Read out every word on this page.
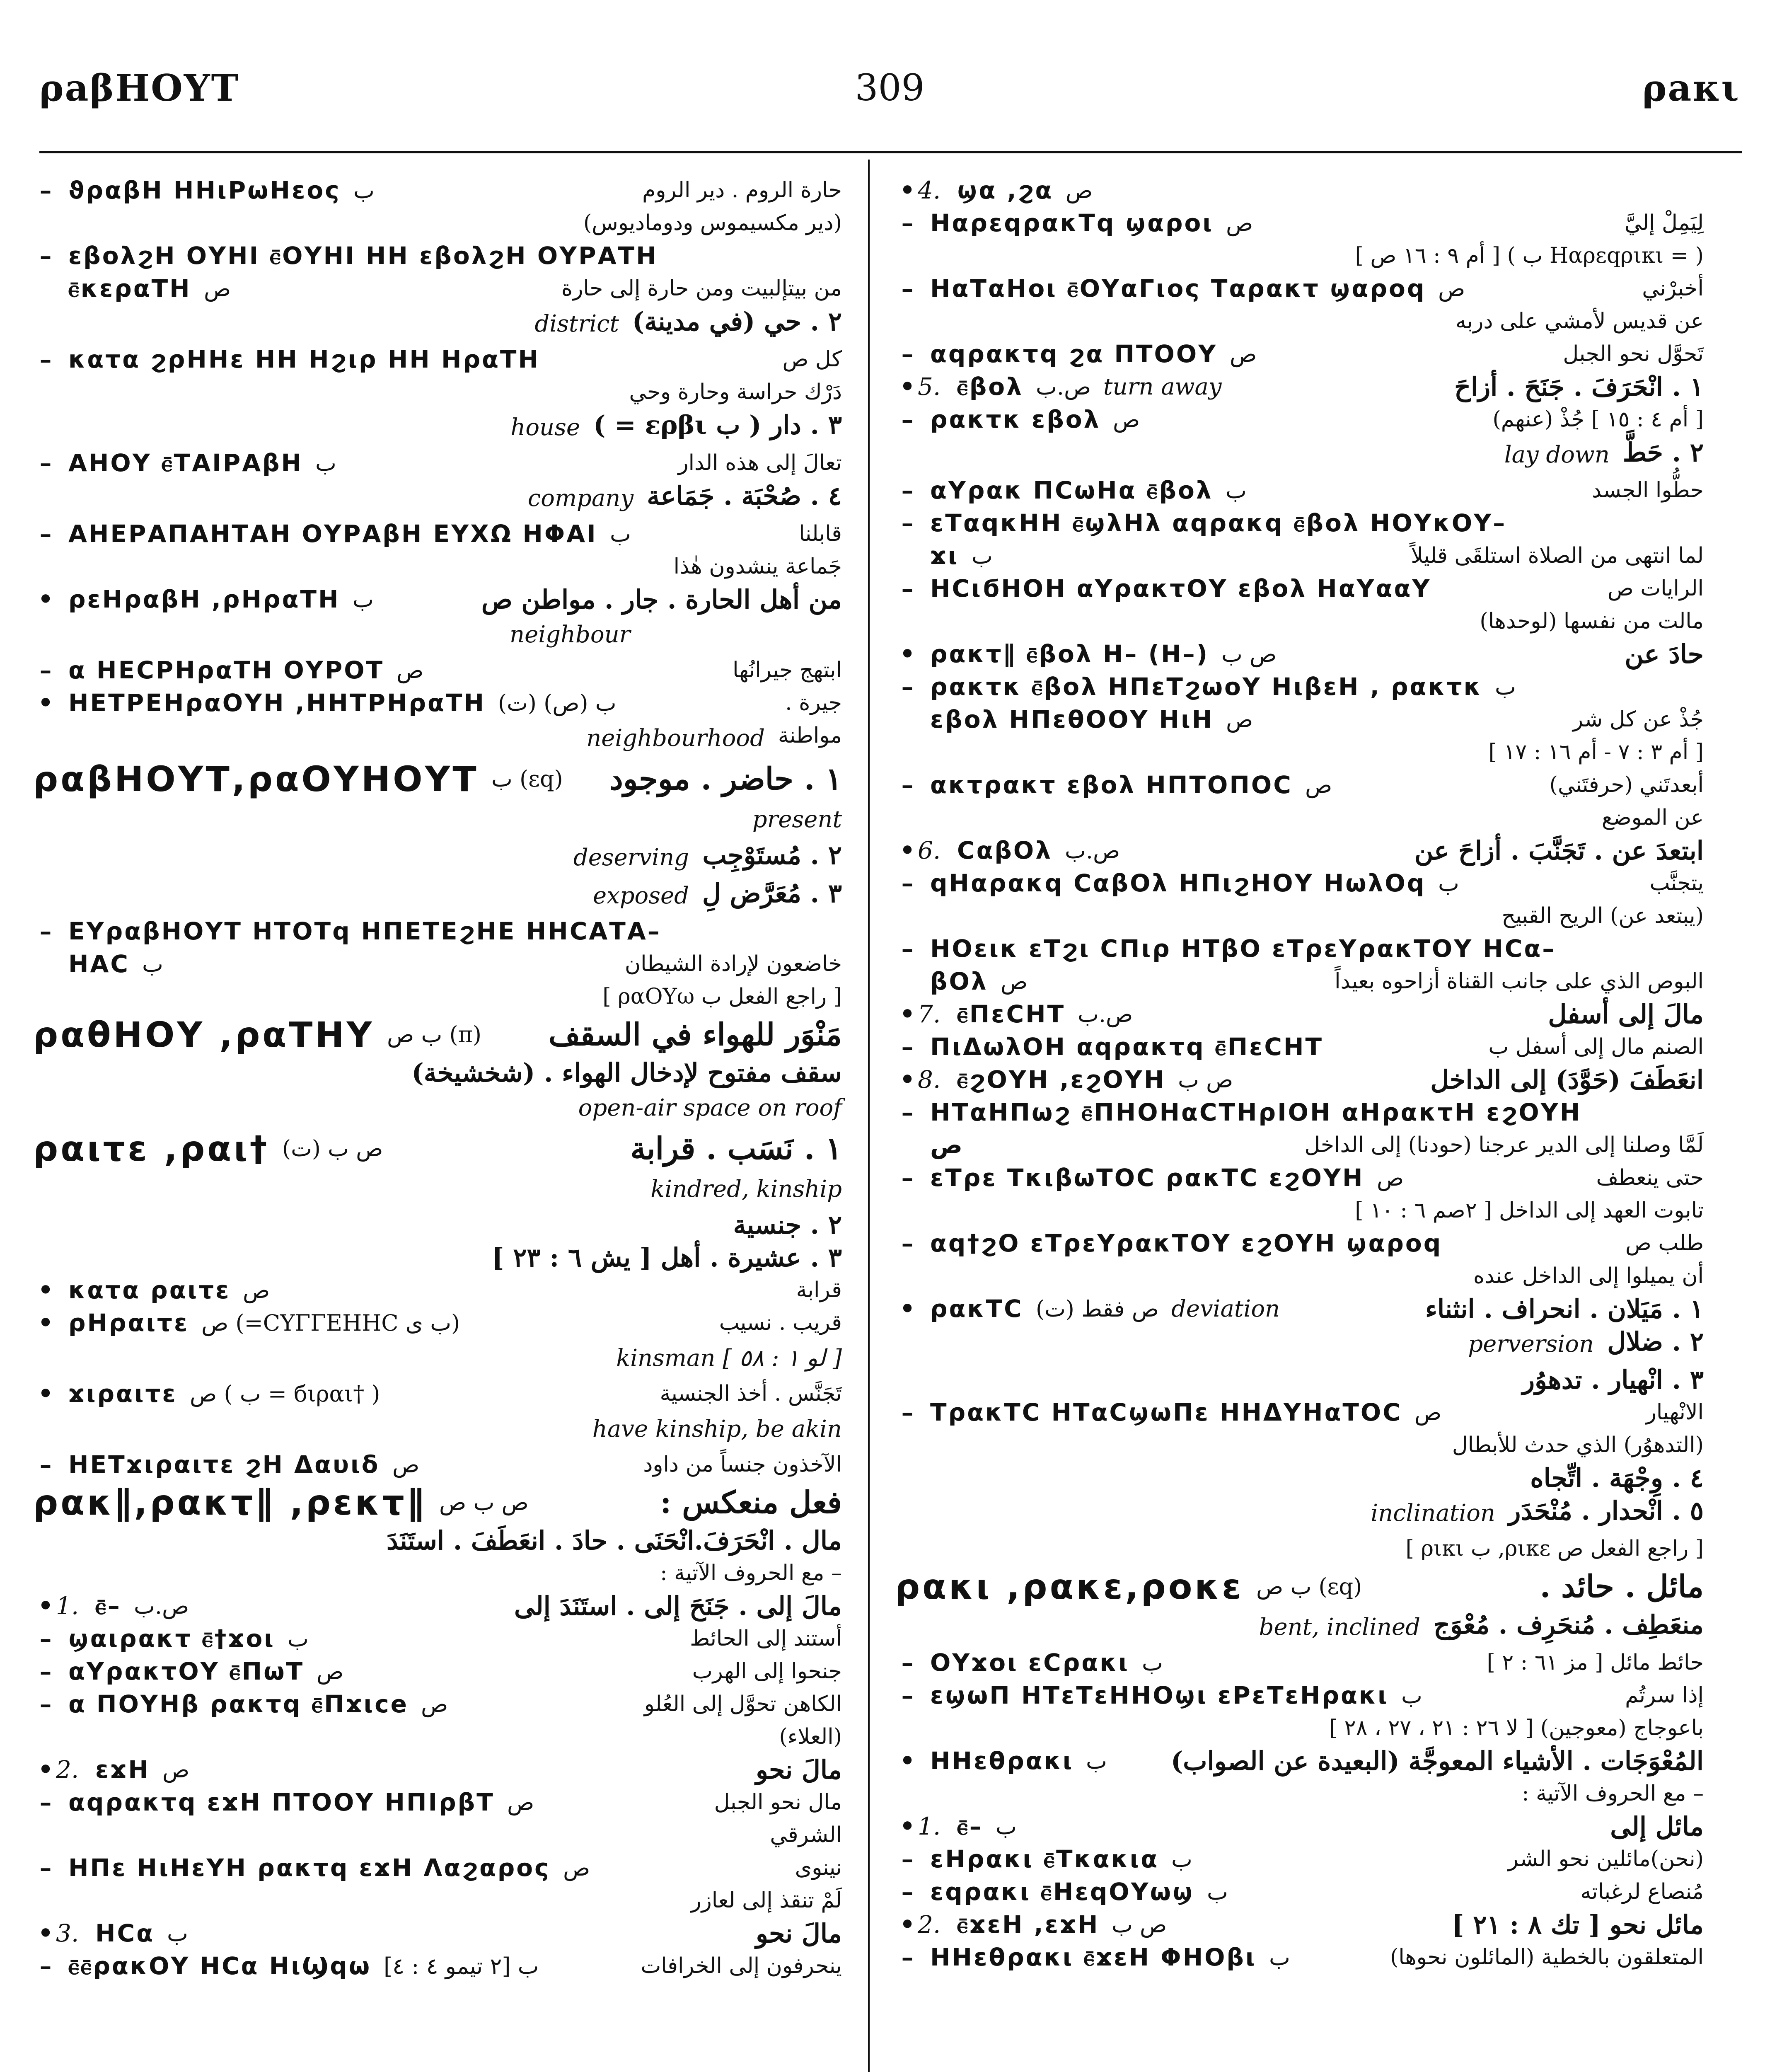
ρaβHOΥT	309	ρaκι
– ϑραβΗ ΗΗιΡωΗεος ب	حارة الروم . دير الروم
(دير مكسيموس ودوماديوس)
– εβολϩΗ ΟΥΗΙ ⲉ̄ΟΥΗΙ ΗΗ εβολϩΗ ΟΥΡΑΤΗ
ⲉ̄κεραΤΗ ص	من بيتإلبيت ومن حارة إلى حارة
٢ . حي (في مدينة)
district
– κατα ϩρΗΗε ΗΗ Ηϩιρ ΗΗ ΗραΤΗ	كل ص
دَرْك حراسة وحارة وحي
٣ . دار ( ب ερβι = )
house
– ΑΗΟΥ ⲉ̄ΤΑΙΡΑβΗ ب	تعالَ إلى هذه الدار
٤ . صُحْبَة . جَمَاعة
company
– ΑΗΕΡΑΠΑΗΤΑΗ ΟΥΡΑβΗ ΕΥΧΩ ΗΦΑΙ ب	قابلنا
جَماعة ينشدون هٰذا
• ρεΗραβΗ ,ρΗραΤΗ ب	من أهل الحارة . جار . مواطن ص
neighbour
– α ΗΕCΡΗραΤΗ ΟΥΡΟΤ ص	ابتهج جيرانُها
• ΗΕΤΡΕΗραΟΥΗ ,ΗΗΤΡΗραΤΗ ب (ص) (ت)	جيرة .
مواطنة
neighbourhood
ραβΗΟΥΤ,ραΟΥΗΟΥΤ ب (εq) ١ . حاضر . موجود
present
٢ . مُستَوْجِب
deserving
٣ . مُعَرَّض لِ
exposed
– ΕΥραβΗΟΥΤ ΗΤΟΤq ΗΠΕΤΕϩΗΕ ΗΗCΑΤΑ–
ΗΑC ب	خاضعون لإرادة الشيطان
[ راجع الفعل ب ραΟΥω ]
ραθΗΟΥ ,ραΤΗΥ ب ص (π) مَنْوَر للهواء في السقف
سقف مفتوح لإدخال الهواء . (شخشيخة)
open-air space on roof
ραιτε ,ραι† ص ب (ت)	١ . نَسَب . قرابة
kindred, kinship
٢ . جنسية
٣ . عشيرة . أهل [ يش ٦ : ٢٣ ]
• κατα ραιτε ص	قرابة
• ρΗραιτε ص (=CΥΓΓΕΗΗC ب ى)	قريب . نسيب
kinsman [ لو ١ : ٥٨ ]
• ϫιραιτε ص ( ب = бιραι† )	تَجَنَّس . أخذ الجنسية
have kinship, be akin
– ΗΕΤϫιραιτε ϩΗ Δαυιδ ص	الآخذون جنساً من داود
ρακ∥,ρακτ∥ ,ρεκτ∥ ص ب ص	فعل منعكس :
مال . انْحَرَفَ.انْحَنَى . حادَ . انعَطَفَ . استَنَدَ
– مع الحروف الآتية :
• 1. ⲉ̄– ص.ب	مالَ إلى . جَنَحَ إلى . استَنَدَ إلى
– ϣαιρακτ ⲉ̄†ϫοι ب	أستند إلى الحائط
– αΥρακτΟΥ ⲉ̄ΠωΤ ص	جنحوا إلى الهرب
– α ΠΟΥΗβ ρακτq ⲉ̄Πϫιce ص	الكاهن تحوَّل إلى العُلو
(العلاء)
• 2. εϫΗ ص	مالَ نحو
– αqρακτq εϫΗ ΠΤΟΟΥ ΗΠΙρβΤ ص	مال نحو الجبل
الشرقي
– ΗΠε ΗιΗεΥΗ ρακτq εϫΗ Λαϩαρος ص	نينوى
لَمْ تنقذ إلى لعازر
• 3. ΗCα ب	مالَ نحو
– ⲉ̄ⲉ̄ρακΟΥ ΗCα ΗιϢqω ب [٢ تيمو ٤ : ٤]	ينحرفون إلى الخرافات
• 4. ϣα ,ϩα ص
– ΗαρεqρακΤq ϣαροι ص	لِيَمِلْ إليَّ
( = Ηαρεqρικι ب ) [ أم ٩ : ١٦ ص ]
– ΗαΤαΗοι ⲉ̄ΟΥαΓιος Ταρακτ ϣαροq ص	أخبرْني
عن قديس لأمشي على دربه
– αqρακτq ϩα ΠΤΟΟΥ ص	تَحوَّل نحو الجبل
• 5. ⲉ̄βολ ص.ب turn away	١ . انْحَرَفَ . جَنَحَ . أزاحَ
– ρακτκ εβολ ص	[ أم ٤ : ١٥ ] جُذْ (عنهم)
٢ . حَطَّ
lay down
– αΥρακ ΠCωΗα ⲉ̄βολ ب	حطُّوا الجسد
– εΤαqκΗΗ ⲉ̄ϣλΗλ αqρακq ⲉ̄βολ ΗΟΥκΟΥ–
ϫι ب	لما انتهى من الصلاة استلقَى قليلاً
– ΗCιϭΗΟΗ αΥρακτΟΥ εβολ ΗαΥααΥ	الرايات ص
مالت من نفسها (لوحدها)
• ρακτ∥ ⲉ̄βολ Η– (Η–) ص ب	حادَ عن
– ρακτκ ⲉ̄βολ ΗΠεΤϩωοΥ ΗιβεΗ , ρακτκ ب
εβολ ΗΠεθΟΟΥ ΗιΗ ص	جُذْ عن كل شر
[ أم ٣ : ٧ - أم ١٦ : ١٧ ]
– ακτρακτ εβολ ΗΠΤΟΠΟC ص	أبعدتَني (حرفتَني)
عن الموضع
• 6. CαβΟλ ص.ب	ابتعدَ عن . تَجَنَّبَ . أزاحَ عن
– qΗαρακq CαβΟλ ΗΠιϩΗΟΥ ΗωλΟq ب	يتجنَّب
(يبتعد عن) الريح القبيح
– ΗΟεικ εΤϩι CΠιρ ΗΤβΟ εΤρεΥρακΤΟΥ ΗCα–
βΟλ ص	البوص الذي على جانب القناة أزاحوه بعيداً
• 7. ⲉ̄ΠεCΗΤ ص.ب	مالَ إلى أسفل
– ΠιΔωλΟΗ αqρακτq ⲉ̄ΠεCΗΤ	الصنم مال إلى أسفل ب
• 8. ⲉ̄ϩΟΥΗ ,εϩΟΥΗ ص ب	انعَطَفَ (حَوَّدَ) إلى الداخل
– ΗΤαΗΠωϩ ⲉ̄ΠΗΟΗαCΤΗρΙΟΗ αΗρακτΗ εϩΟΥΗ
ص	لَمَّا وصلنا إلى الدير عرجنا (حودنا) إلى الداخل
– εΤρε ΤκιβωΤΟC ρακΤC εϩΟΥΗ ص	حتى ينعطف
تابوت العهد إلى الداخل [ ٢صم ٦ : ١٠ ]
– αq†ϩΟ εΤρεΥρακΤΟΥ εϩΟΥΗ ϣαροq	طلب ص
أن يميلوا إلى الداخل عنده
• ρακΤC (ت) ص فقط deviation	١ . مَيَلان . انحراف . انثناء
٢ . ضلال
perversion
٣ . انْهيار . تدهوُر
– ΤρακΤC ΗΤαCϣωΠε ΗΗΔΥΗαΤΟC ص	الانْهيار
(التدهوُر) الذي حدث للأبطال
٤ . وِجْهَة . اتِّجاه
٥ . انْحدار . مُنْحَدَر
inclination
[ راجع الفعل ص ρικε, ب ρικι ]
ρακι ,ρακε,ροκε ب ص (εq)	مائل . حائد .
منعَطِف . مُنحَرِف . مُعْوَج
bent, inclined
– ΟΥϫοι εCρακι ب	حائط مائل [ مز ٦١ : ٢ ]
– εϣωΠ ΗΤεΤεΗΗΟϣι εΡεΤεΗρακι ب	إذا سرتُم
باعوجاج (معوجين) [ لا ٢٦ : ٢١ ، ٢٧ ، ٢٨ ]
• ΗΗεθρακι ب المُعْوَجَات . الأشياء المعوجَّة (البعيدة عن الصواب)
– مع الحروف الآتية :
• 1. ⲉ̄– ب	مائل إلى
– εΗρακι ⲉ̄Τκακια ب	(نحن)مائلين نحو الشر
– εqρακι ⲉ̄ΗεqΟΥωϣ ب	مُنصاع لرغباته
• 2. ⲉ̄ϫεΗ ,εϫΗ ص ب	مائل نحو [ تك ٨ : ٢١ ]
– ΗΗεθρακι ⲉ̄ϫεΗ ΦΗΟβι ب	المتعلقون بالخطية (المائلون نحوها)
